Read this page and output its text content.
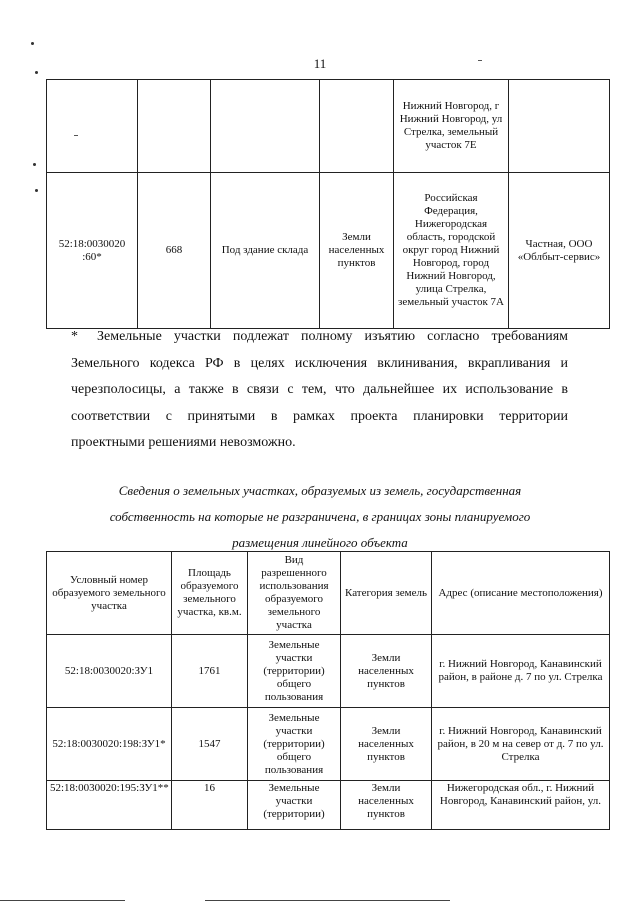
11
				Нижний Новгород, г Нижний Новгород, ул Стрелка, земельный участок 7Е	
52:18:0030020 :60*	668	Под здание склада	Земли населенных пунктов	Российская Федерация, Нижегородская область, городской округ город Нижний Новгород, город Нижний Новгород, улица Стрелка, земельный участок 7А	Частная, ООО «Облбыт-сервис»
* Земельные участки подлежат полному изъятию согласно требованиям
Земельного кодекса РФ в целях исключения вклинивания, вкрапливания и
черезполосицы, а также в связи с тем, что дальнейшее их использование в
соответствии с принятыми в рамках проекта планировки территории
проектными решениями невозможно.
Сведения о земельных участках, образуемых из земель, государственная
собственность на которые не разграничена, в границах зоны планируемого
размещения линейного объекта
Условный номер образуемого земельного участка	Площадь образуемого земельного участка, кв.м.	Вид разрешенного использования образуемого земельного участка	Категория земель	Адрес (описание местоположения)
52:18:0030020:ЗУ1	1761	Земельные участки (территории) общего пользования	Земли населенных пунктов	г. Нижний Новгород, Канавинский район, в районе д. 7 по ул. Стрелка
52:18:0030020:198:ЗУ1*	1547	Земельные участки (территории) общего пользования	Земли населенных пунктов	г. Нижний Новгород, Канавинский район, в 20 м на север от д. 7 по ул. Стрелка
52:18:0030020:195:ЗУ1**	16	Земельные участки (территории)	Земли населенных пунктов	Нижегородская обл., г. Нижний Новгород, Канавинский район, ул.
